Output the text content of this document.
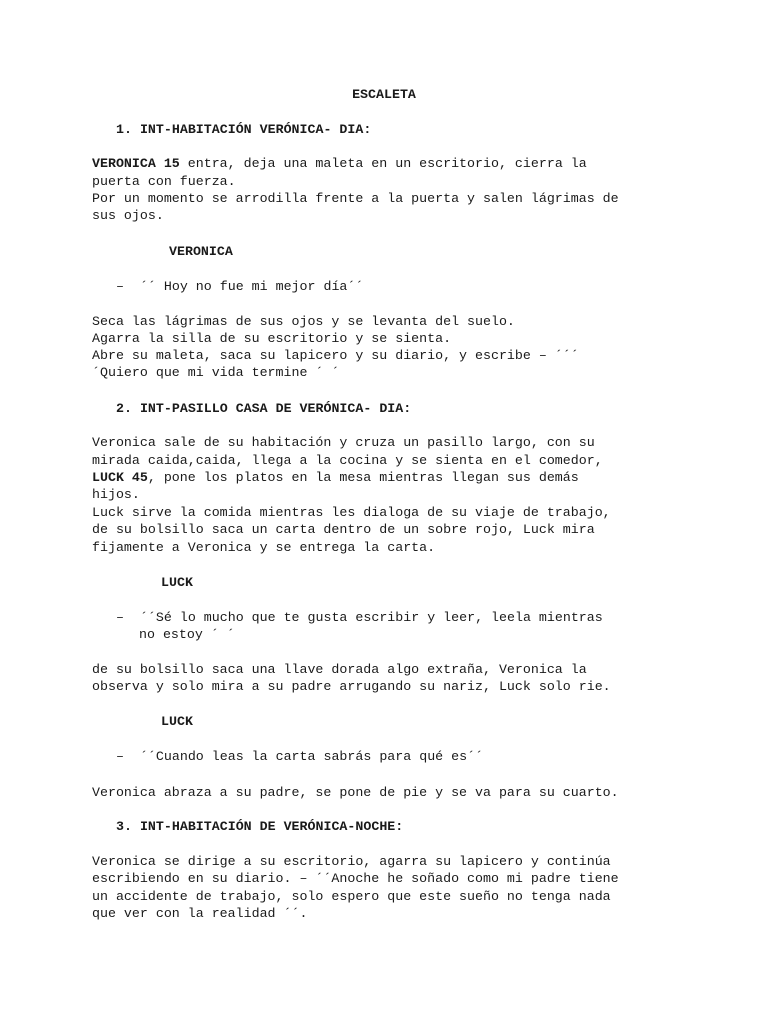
ESCALETA
1. INT-HABITACIÓN VERÓNICA- DIA:
VERONICA 15 entra, deja una maleta en un escritorio, cierra la
puerta con fuerza.
Por un momento se arrodilla frente a la puerta y salen lágrimas de
sus ojos.
VERONICA
–  ´´ Hoy no fue mi mejor día´´
Seca las lágrimas de sus ojos y se levanta del suelo.
Agarra la silla de su escritorio y se sienta.
Abre su maleta, saca su lapicero y su diario, y escribe – ´´´
´Quiero que mi vida termine ´ ´
2. INT-PASILLO CASA DE VERÓNICA- DIA:
Veronica sale de su habitación y cruza un pasillo largo, con su
mirada caida,caida, llega a la cocina y se sienta en el comedor,
LUCK 45, pone los platos en la mesa mientras llegan sus demás
hijos.
Luck sirve la comida mientras les dialoga de su viaje de trabajo,
de su bolsillo saca un carta dentro de un sobre rojo, Luck mira
fijamente a Veronica y se entrega la carta.
LUCK
–  ´´Sé lo mucho que te gusta escribir y leer, leela mientras
no estoy ´ ´
de su bolsillo saca una llave dorada algo extraña, Veronica la
observa y solo mira a su padre arrugando su nariz, Luck solo rie.
LUCK
–  ´´Cuando leas la carta sabrás para qué es´´
Veronica abraza a su padre, se pone de pie y se va para su cuarto.
3. INT-HABITACIÓN DE VERÓNICA-NOCHE:
Veronica se dirige a su escritorio, agarra su lapicero y continúa
escribiendo en su diario. – ´´Anoche he soñado como mi padre tiene
un accidente de trabajo, solo espero que este sueño no tenga nada
que ver con la realidad ´´.
